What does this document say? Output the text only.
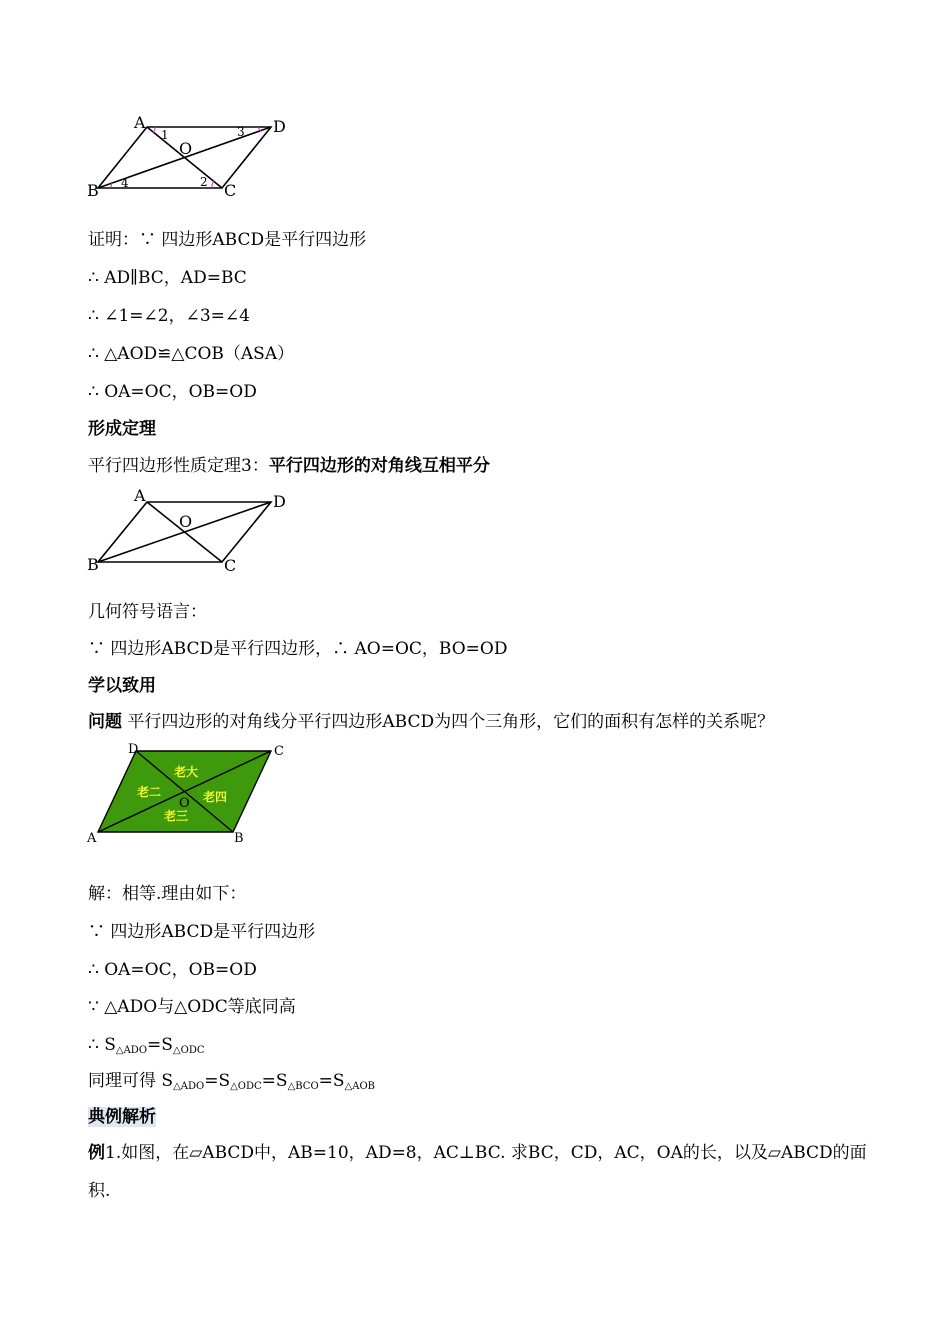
A	D
B	C
O
1
2
3
4
证明：∵ 四边形ABCD是平行四边形
∴ AD∥BC，AD=BC
∴ ∠1=∠2，∠3=∠4
∴ △AOD≌△COB（ASA）
∴ OA=OC，OB=OD
形成定理
平行四边形性质定理3：平行四边形的对角线互相平分
A	D
B	C
O
几何符号语言：
∵ 四边形ABCD是平行四边形，∴ AO=OC，BO=OD
学以致用
问题 平行四边形的对角线分平行四边形ABCD为四个三角形，它们的面积有怎样的关系呢？
老大
老二	老四
老三
D	C
A	B
O
解：相等.理由如下：
∵ 四边形ABCD是平行四边形
∴ OA=OC，OB=OD
∵ △ADO与△ODC等底同高
∴ $S_{\triangle ADO}=S_{\triangle ODC}$
同理可得 $S_{\triangle ADO}=S_{\triangle ODC}=S_{\triangle BCO}=S_{\triangle AOB}$
典例解析
例1.如图，在▱ABCD中，AB=10，AD=8，AC⊥BC. 求BC，CD，AC，OA的长，以及▱ABCD的面
积.
